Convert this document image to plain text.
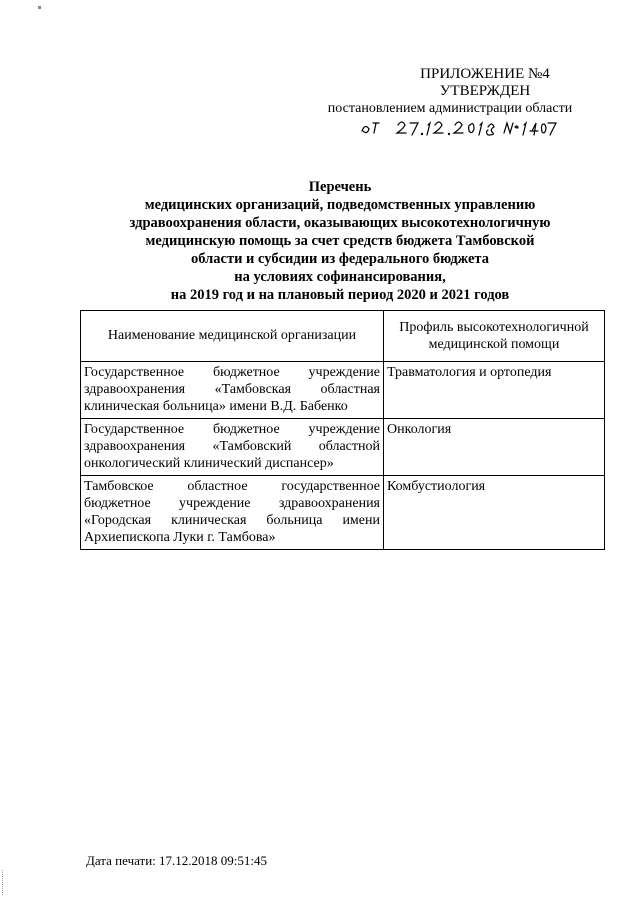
ПРИЛОЖЕНИЕ №4
УТВЕРЖДЕН
постановлением администрации области
Перечень
медицинских организаций, подведомственных управлению
здравоохранения области, оказывающих высокотехнологичную
медицинскую помощь за счет средств бюджета Тамбовской
области и субсидии из федерального бюджета
на условиях софинансирования,
на 2019 год и на плановый период 2020 и 2021 годов
Наименование медицинской организации	Профиль высокотехнологичной медицинской помощи
Государственное бюджетное учреждение здравоохранения «Тамбовская областная клиническая больница» имени В.Д. Бабенко	Травматология и ортопедия
Государственное бюджетное учреждение здравоохранения «Тамбовский областной онкологический клинический диспансер»	Онкология
Тамбовское областное государственное бюджетное учреждение здравоохранения «Городская клиническая больница имени Архиепископа Луки г. Тамбова»	Комбустиология
Дата печати: 17.12.2018 09:51:45
